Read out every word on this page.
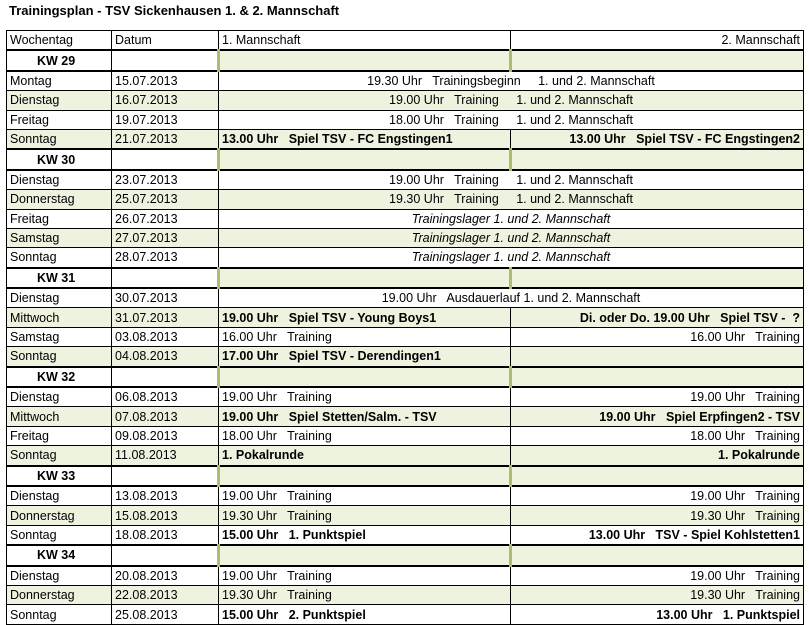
Trainingsplan - TSV Sickenhausen 1. & 2. Mannschaft
Wochentag	Datum	1. Mannschaft	2. Mannschaft
KW 29			
Montag	15.07.2013	19.30 Uhr   Trainingsbeginn     1. und 2. Mannschaft	
Dienstag	16.07.2013	19.00 Uhr   Training     1. und 2. Mannschaft	
Freitag	19.07.2013	18.00 Uhr   Training     1. und 2. Mannschaft	
Sonntag	21.07.2013	13.00 Uhr   Spiel TSV - FC Engstingen1	13.00 Uhr   Spiel TSV - FC Engstingen2
KW 30			
Dienstag	23.07.2013	19.00 Uhr   Training     1. und 2. Mannschaft	
Donnerstag	25.07.2013	19.30 Uhr   Training     1. und 2. Mannschaft	
Freitag	26.07.2013	Trainingslager 1. und 2. Mannschaft	
Samstag	27.07.2013	Trainingslager 1. und 2. Mannschaft	
Sonntag	28.07.2013	Trainingslager 1. und 2. Mannschaft	
KW 31			
Dienstag	30.07.2013	19.00 Uhr   Ausdauerlauf 1. und 2. Mannschaft	
Mittwoch	31.07.2013	19.00 Uhr   Spiel TSV - Young Boys1	Di. oder Do. 19.00 Uhr   Spiel TSV -  ?
Samstag	03.08.2013	16.00 Uhr   Training	16.00 Uhr   Training
Sonntag	04.08.2013	17.00 Uhr   Spiel TSV - Derendingen1	
KW 32			
Dienstag	06.08.2013	19.00 Uhr   Training	19.00 Uhr   Training
Mittwoch	07.08.2013	19.00 Uhr   Spiel Stetten/Salm. - TSV	19.00 Uhr   Spiel Erpfingen2 - TSV
Freitag	09.08.2013	18.00 Uhr   Training	18.00 Uhr   Training
Sonntag	11.08.2013	1. Pokalrunde	1. Pokalrunde
KW 33			
Dienstag	13.08.2013	19.00 Uhr   Training	19.00 Uhr   Training
Donnerstag	15.08.2013	19.30 Uhr   Training	19.30 Uhr   Training
Sonntag	18.08.2013	15.00 Uhr   1. Punktspiel	13.00 Uhr   TSV - Spiel Kohlstetten1
KW 34			
Dienstag	20.08.2013	19.00 Uhr   Training	19.00 Uhr   Training
Donnerstag	22.08.2013	19.30 Uhr   Training	19.30 Uhr   Training
Sonntag	25.08.2013	15.00 Uhr   2. Punktspiel	13.00 Uhr   1. Punktspiel
